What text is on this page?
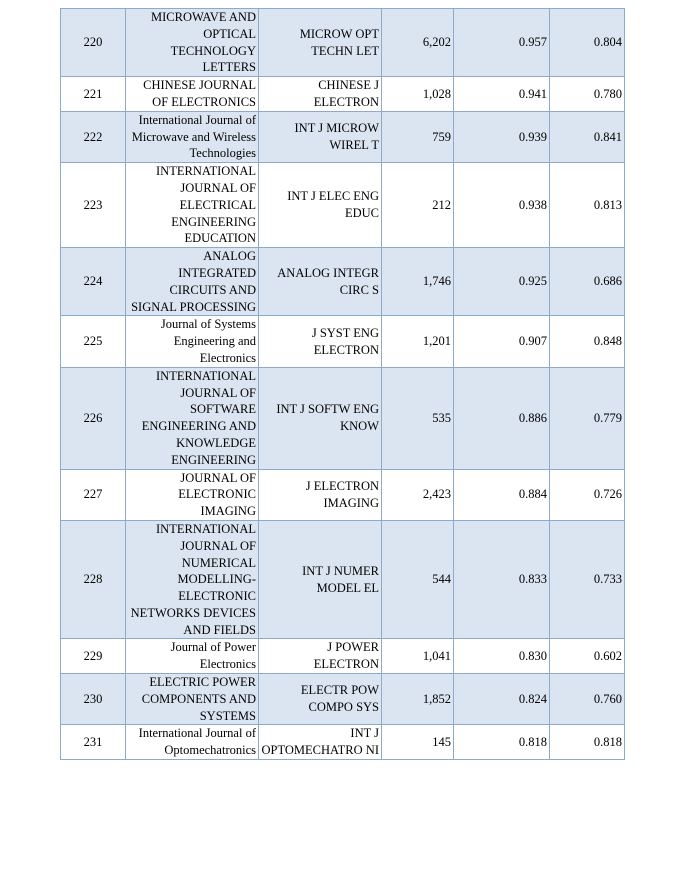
220	MICROWAVE AND OPTICAL TECHNOLOGY LETTERS	MICROW OPT TECHN LET	6,202	0.957	0.804
221	CHINESE JOURNAL OF ELECTRONICS	CHINESE J ELECTRON	1,028	0.941	0.780
222	International Journal of Microwave and Wireless Technologies	INT J MICROW WIREL T	759	0.939	0.841
223	INTERNATIONAL JOURNAL OF ELECTRICAL ENGINEERING EDUCATION	INT J ELEC ENG EDUC	212	0.938	0.813
224	ANALOG INTEGRATED CIRCUITS AND SIGNAL PROCESSING	ANALOG INTEGR CIRC S	1,746	0.925	0.686
225	Journal of Systems Engineering and Electronics	J SYST ENG ELECTRON	1,201	0.907	0.848
226	INTERNATIONAL JOURNAL OF SOFTWARE ENGINEERING AND KNOWLEDGE ENGINEERING	INT J SOFTW ENG KNOW	535	0.886	0.779
227	JOURNAL OF ELECTRONIC IMAGING	J ELECTRON IMAGING	2,423	0.884	0.726
228	INTERNATIONAL JOURNAL OF NUMERICAL MODELLING-ELECTRONIC NETWORKS DEVICES AND FIELDS	INT J NUMER MODEL EL	544	0.833	0.733
229	Journal of Power Electronics	J POWER ELECTRON	1,041	0.830	0.602
230	ELECTRIC POWER COMPONENTS AND SYSTEMS	ELECTR POW COMPO SYS	1,852	0.824	0.760
231	International Journal of Optomechatronics	INT J OPTOMECHATRO NI	145	0.818	0.818
